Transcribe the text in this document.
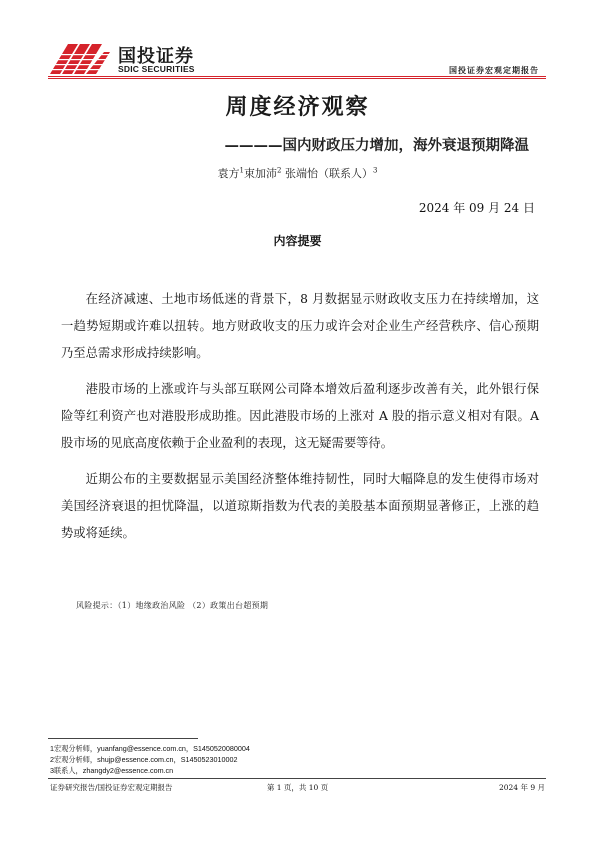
国投证券
SDIC SECURITIES	国投证券宏观定期报告
周度经济观察
————国内财政压力增加，海外衰退预期降温
袁方$^1$束加沛$^2$ 张端怡（联系人）$^3$
2024 年 09 月 24 日
内容提要

在经济减速、土地市场低迷的背景下，8 月数据显示财政收支压力在持续增加，这一趋势短期或许难以扭转。地方财政收支的压力或许会对企业生产经营秩序、信心预期乃至总需求形成持续影响。

港股市场的上涨或许与头部互联网公司降本增效后盈利逐步改善有关，此外银行保险等红利资产也对港股形成助推。因此港股市场的上涨对 A 股的指示意义相对有限。A 股市场的见底高度依赖于企业盈利的表现，这无疑需要等待。

近期公布的主要数据显示美国经济整体维持韧性，同时大幅降息的发生使得市场对美国经济衰退的担忧降温，以道琼斯指数为代表的美股基本面预期显著修正，上涨的趋势或将延续。

风险提示：（1）地缘政治风险 （2）政策出台超预期
1宏观分析师，yuanfang@essence.com.cn，S1450520080004
2宏观分析师，shujp@essence.com.cn，S1450523010002
3联系人，zhangdy2@essence.com.cn
证券研究报告/国投证券宏观定期报告	第 1 页，共 10 页	2024 年 9 月
